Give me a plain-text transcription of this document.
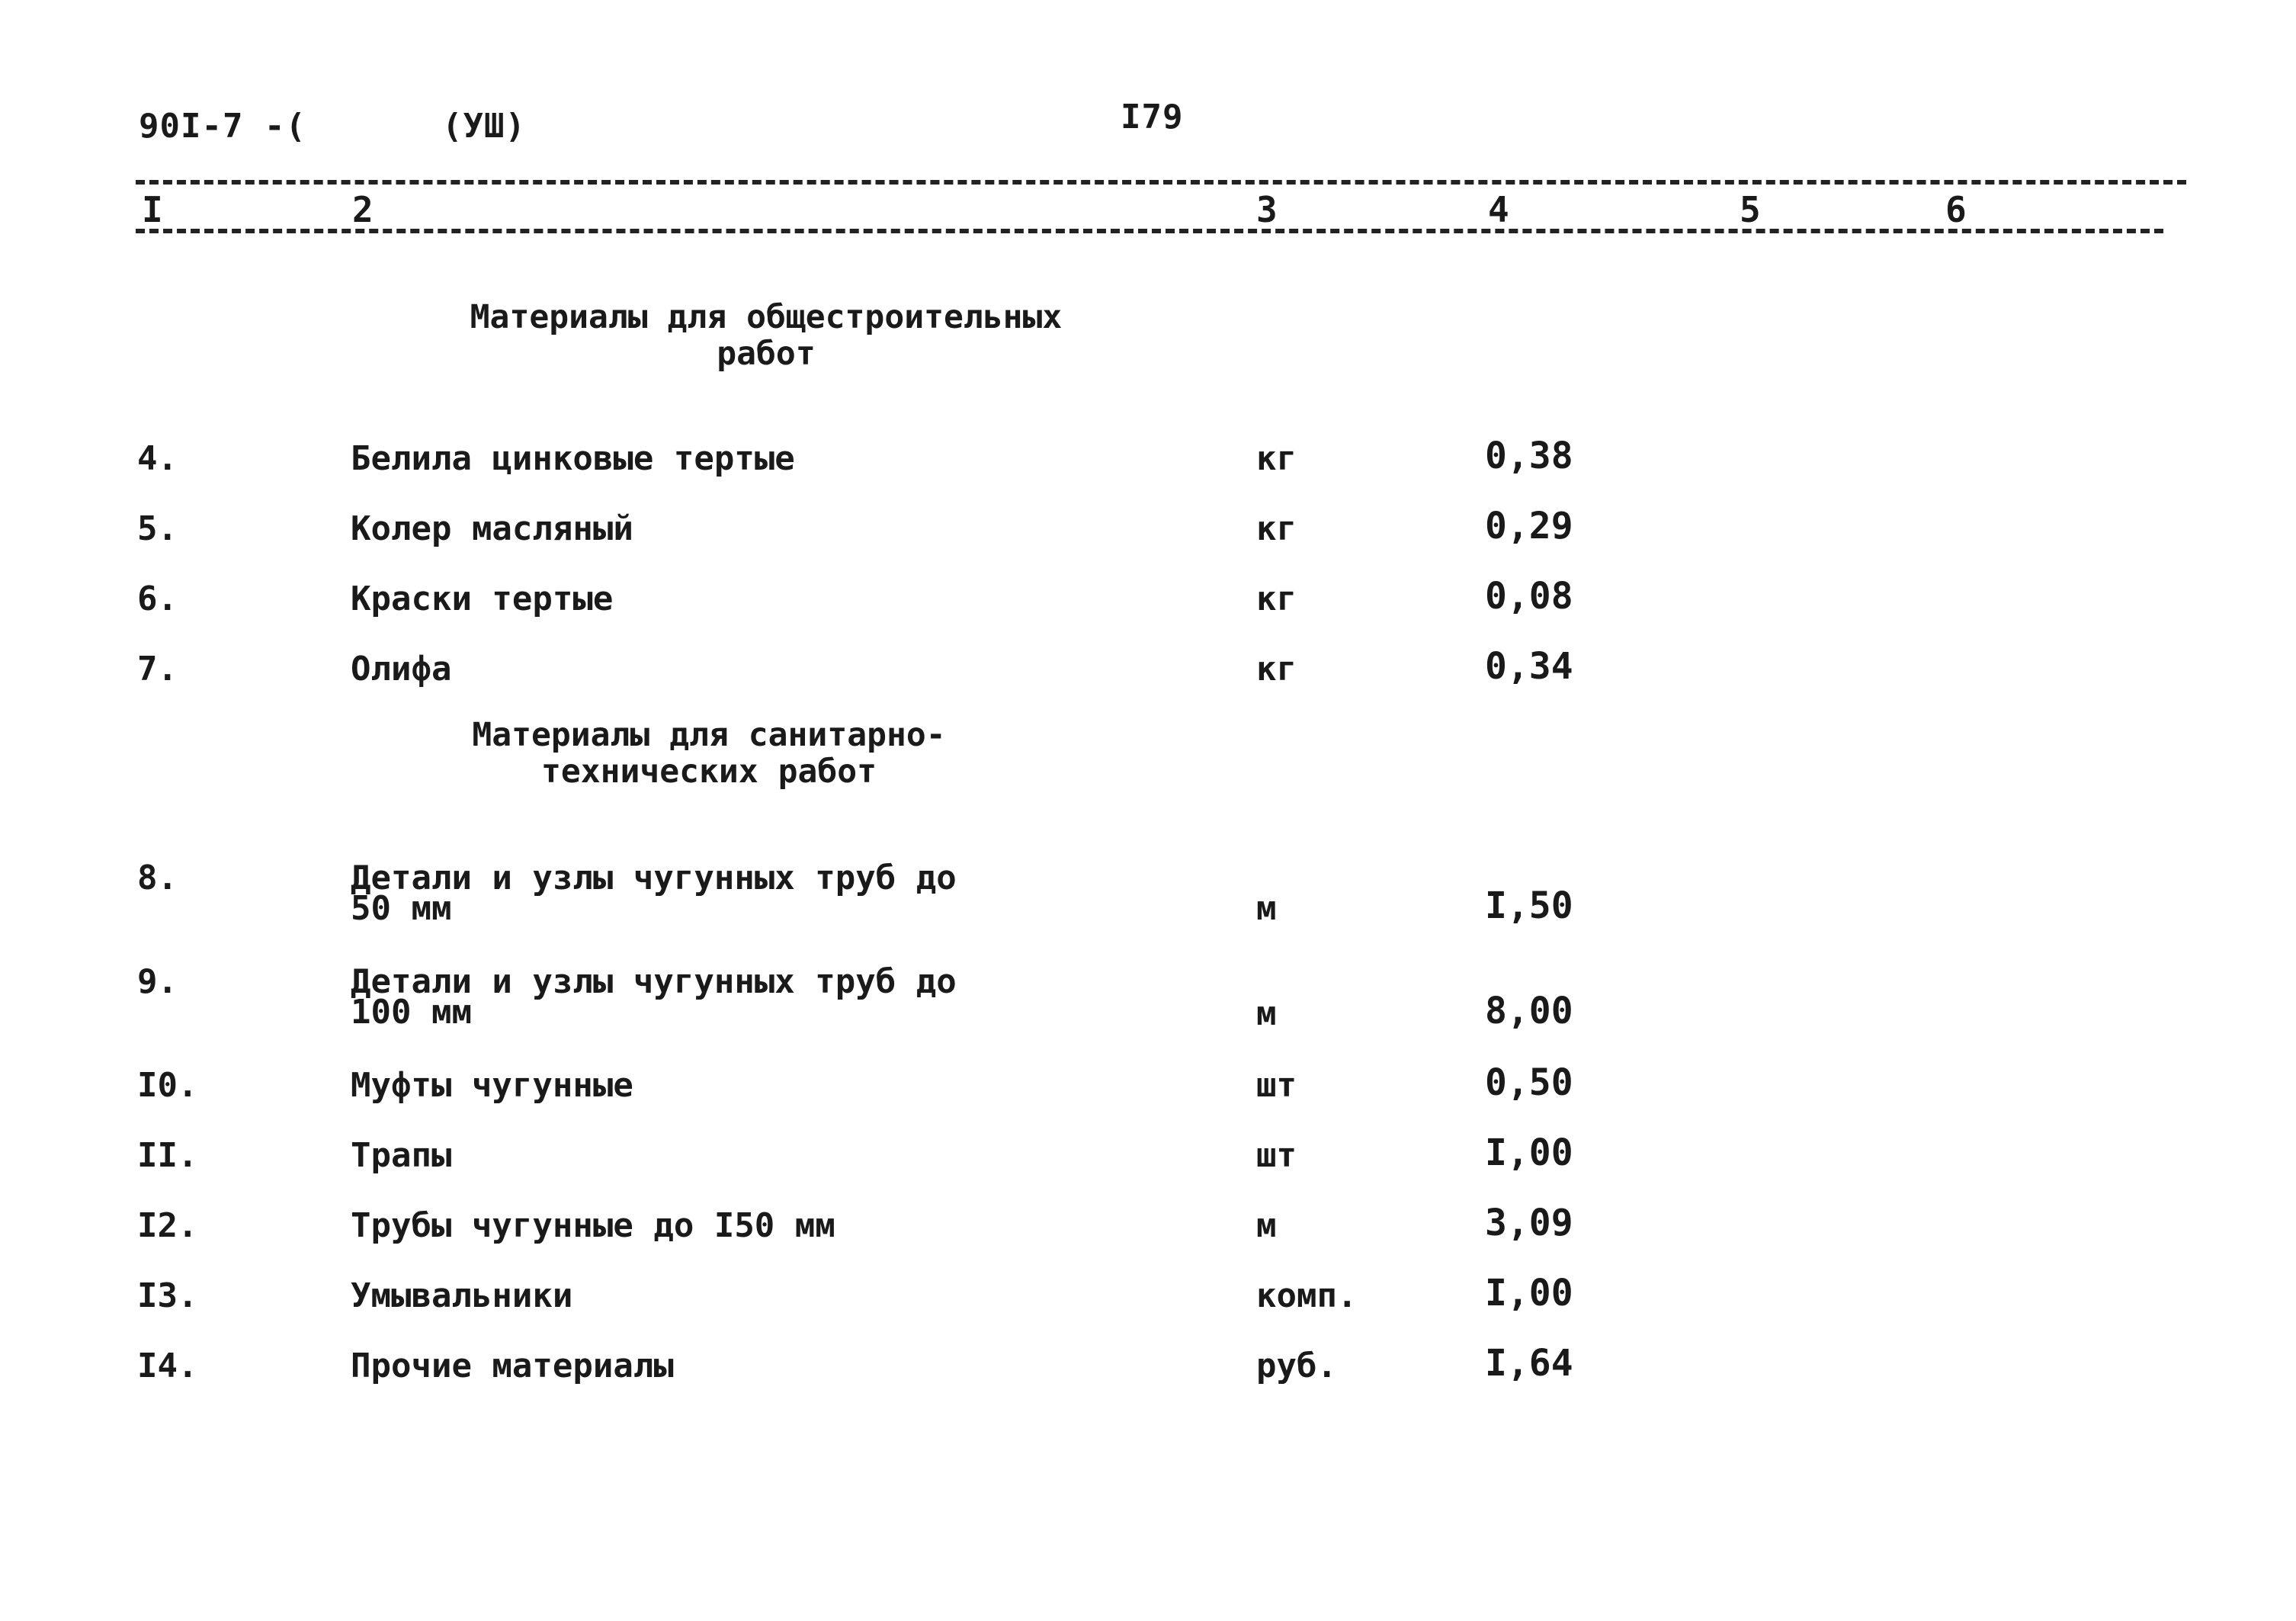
90I-7 -(	(УШ)	I79
I	2	3	4	5	6
Материалы для общестроительных
работ
Материалы для санитарно-
технических работ
4.	Белила цинковые тертые	кг	0,38
5.	Колер масляный	кг	0,29
6.	Краски тертые	кг	0,08
7.	Олифа	кг	0,34
8.	Детали и узлы чугунных труб до
50 мм	м	I,50
9.	Детали и узлы чугунных труб до
100 мм	м	8,00
I0.	Муфты чугунные	шт	0,50
II.	Трапы	шт	I,00
I2.	Трубы чугунные до I50 мм	м	3,09
I3.	Умывальники	комп.	I,00
I4.	Прочие материалы	руб.	I,64
